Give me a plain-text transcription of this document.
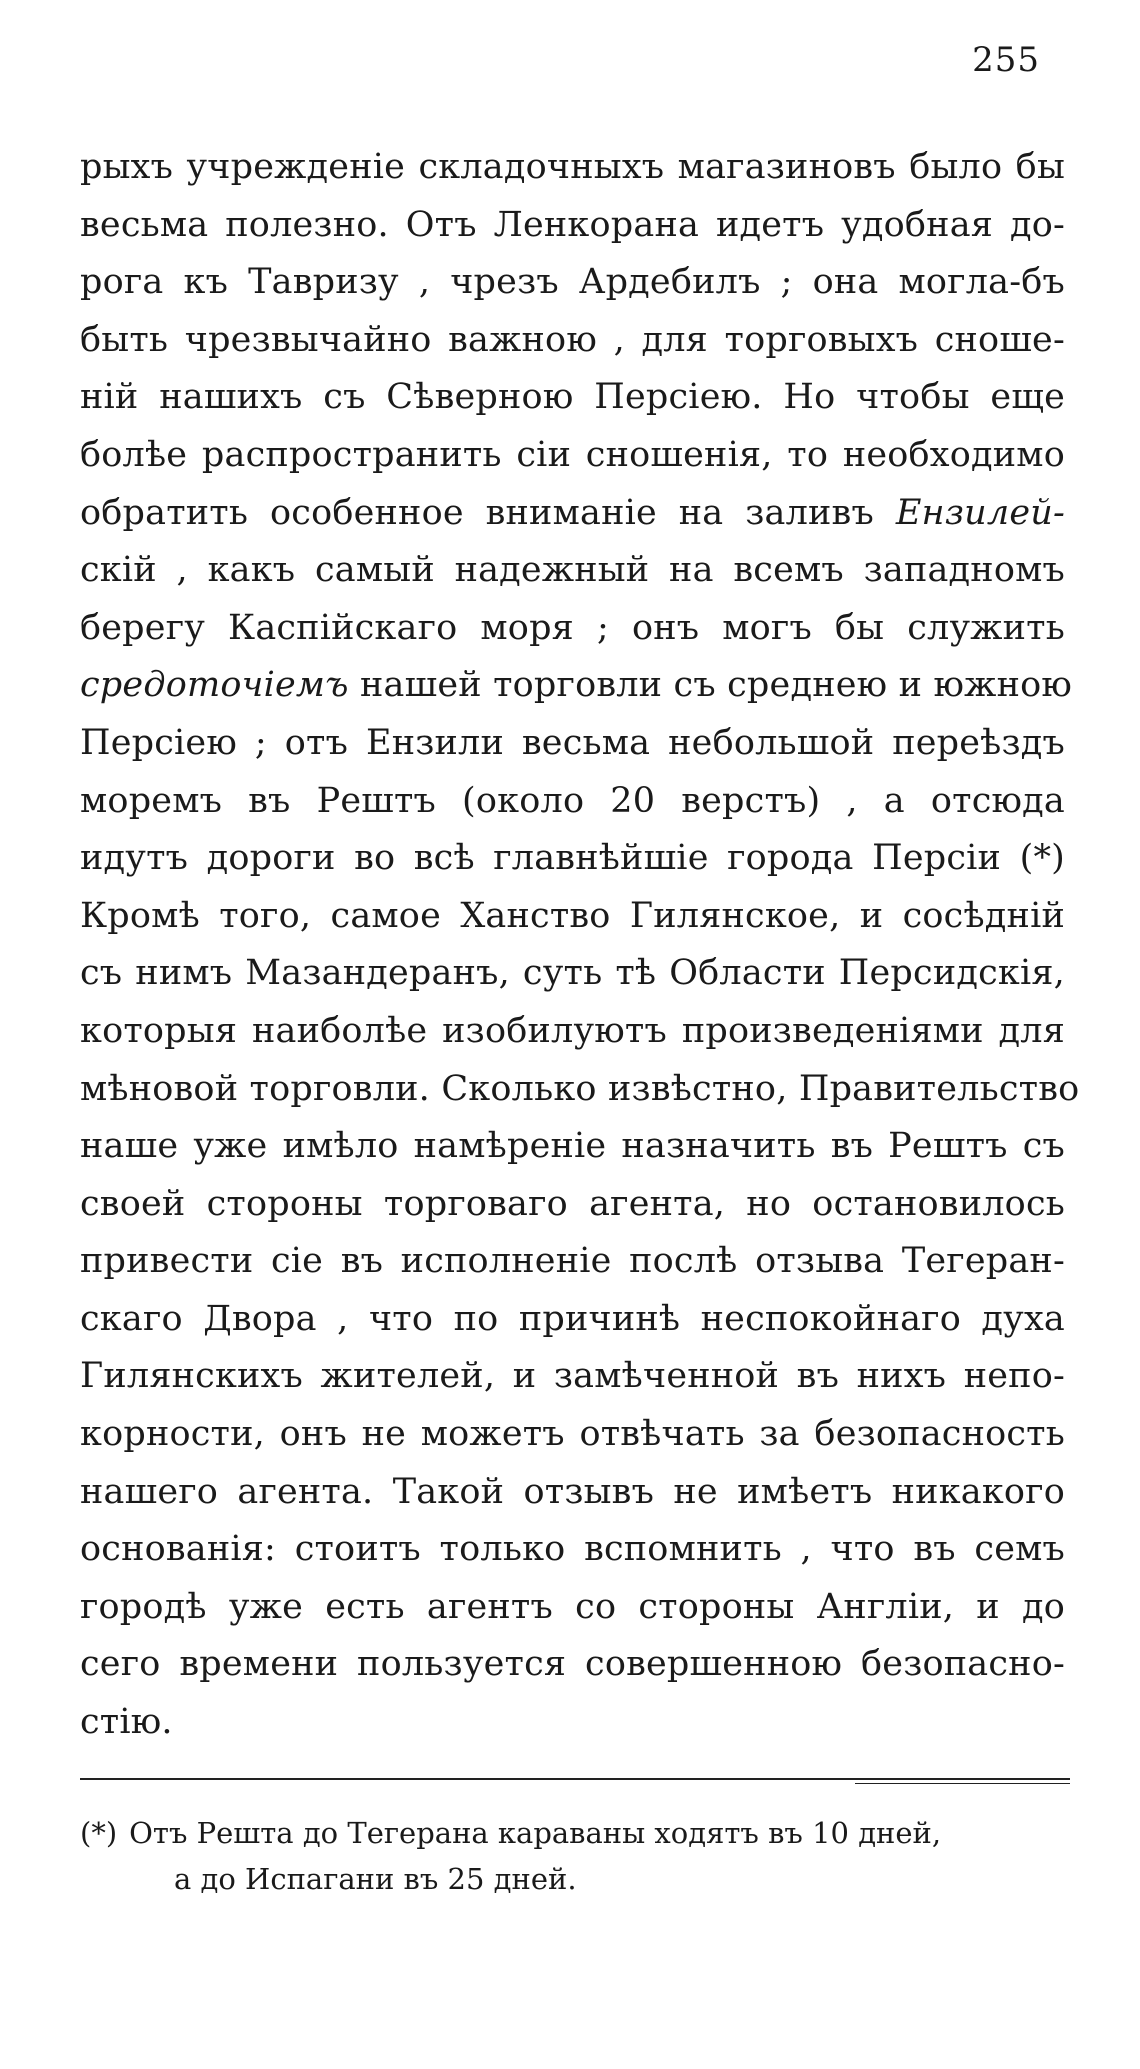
255
рыхъ учрежденіе складочныхъ магазиновъ было бы
весьма полезно. Отъ Ленкорана идетъ удобная до-
рога къ Тавризу , чрезъ Ардебилъ ; она могла-бъ
быть чрезвычайно важною , для торговыхъ сноше-
ній нашихъ съ Сѣверною Персіею. Но чтобы еще
болѣе распространить сіи сношенія, то необходимо
обратить особенное вниманіе на заливъ Ензилей-
скій , какъ самый надежный на всемъ западномъ
берегу Каспійскаго моря ; онъ могъ бы служить
средоточіемъ нашей торговли съ среднею и южною
Персіею ; отъ Ензили весьма небольшой переѣздъ
моремъ въ Рештъ (около 20 верстъ) , а отсюда
идутъ дороги во всѣ главнѣйшіе города Персіи (*)
Кромѣ того, самое Ханство Гилянское, и сосѣдній
съ нимъ Мазандеранъ, суть тѣ Области Персидскія,
которыя наиболѣе изобилуютъ произведеніями для
мѣновой торговли. Сколько извѣстно, Правительство
наше уже имѣло намѣреніе назначить въ Рештъ съ
своей стороны торговаго агента, но остановилось
привести сіе въ исполненіе послѣ отзыва Тегеран-
скаго Двора , что по причинѣ неспокойнаго духа
Гилянскихъ жителей, и замѣченной въ нихъ непо-
корности, онъ не можетъ отвѣчать за безопасность
нашего агента. Такой отзывъ не имѣетъ никакого
основанія: стоитъ только вспомнить , что въ семъ
городѣ уже есть агентъ со стороны Англіи, и до
сего времени пользуется совершенною безопасно-
стію.
(*) Отъ Решта до Тегерана караваны ходятъ въ 10 дней,
а до Испагани въ 25 дней.
